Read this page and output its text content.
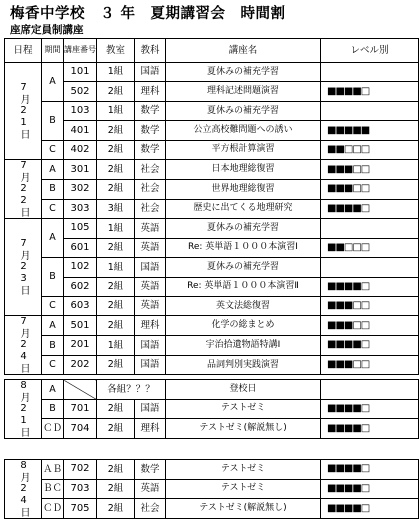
梅香中学校　３ 年　夏期講習会　時間割
座席定員制講座
日程	期間	講座番号	教室	教科	講座名	レベル別
7月21日	A	101	1組	国語	夏休みの補充学習	
		502	2組	理科	理科記述問題演習	■■■■□
	B	103	1組	数学	夏休みの補充学習	
		401	2組	数学	公立高校難問題への誘い	■■■■■
	C	402	2組	数学	平方根計算演習	■■□□□
7月22日	A	301	2組	社会	日本地理総復習	■■■□□
	B	302	2組	社会	世界地理総復習	■■■□□
	C	303	3組	社会	歴史に出てくる地理研究	■■■■□
7月23日	A	105	1組	英語	夏休みの補充学習	
		601	2組	英語	Re: 英単語１０００本演習Ⅰ	■■□□□
	B	102	1組	国語	夏休みの補充学習	
		602	2組	英語	Re: 英単語１０００本演習Ⅱ	■■■■□
	C	603	2組	英語	英文法総復習	■■■□□
7月24日	A	501	2組	理科	化学の総まとめ	■■■□□
	B	201	1組	国語	宇治拾遺物語特講Ⅰ	■■■■□
	C	202	2組	国語	品詞判別実践演習	■■■□□
8月21日	A		各組？？？		登校日	
	B	701	2組	国語	テストゼミ	■■■■□
	ＣＤ	704	2組	理科	テストゼミ(解説無し)	■■■■□
8月24日	ＡＢ	702	2組	数学	テストゼミ	■■■■□
	ＢＣ	703	2組	英語	テストゼミ	■■■■□
	ＣＤ	705	2組	社会	テストゼミ(解説無し)	■■■■□
